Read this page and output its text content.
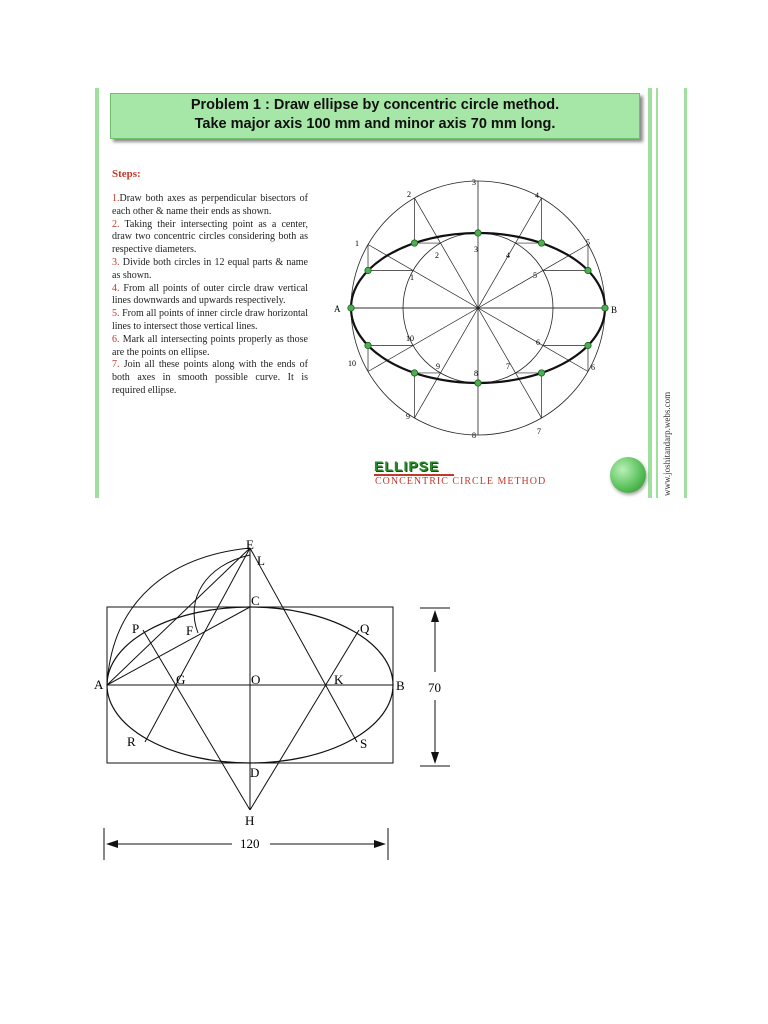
Problem 1 : Draw ellipse by concentric circle method.
Take major axis 100 mm and minor axis 70 mm long.
Steps:
1.Draw both axes as perpendicular bisectors of each other & name their ends as shown.
2. Taking their intersecting point as a center, draw two concentric circles considering both as respective diameters.
3. Divide both circles in 12 equal parts & name as shown.
4. From all points of outer circle draw vertical lines downwards and upwards respectively.
5. From all points of inner circle draw horizontal lines to intersect those vertical lines.
6. Mark all intersecting points properly as those are the points on ellipse.
7. Join all these points along with the ends of both axes in smooth possible curve. It is required ellipse.
A	B
1
2
3
4
5
6
7
8
9
10
1
2
3
4
5
6
7
8
9
10
ELLIPSE
CONCENTRIC CIRCLE METHOD	www.joshitandarp.webs.com
E
L
C
P	F	Q
A	G	O	K	B
R	S
D
H
70
120
